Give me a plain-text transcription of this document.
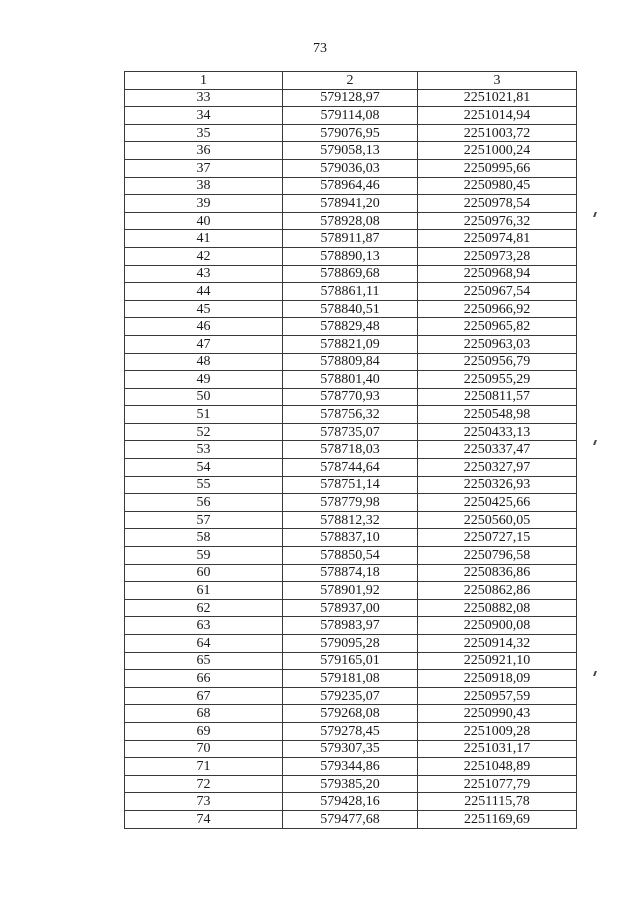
73
1	2	3
33	579128,97	2251021,81
34	579114,08	2251014,94
35	579076,95	2251003,72
36	579058,13	2251000,24
37	579036,03	2250995,66
38	578964,46	2250980,45
39	578941,20	2250978,54
40	578928,08	2250976,32
41	578911,87	2250974,81
42	578890,13	2250973,28
43	578869,68	2250968,94
44	578861,11	2250967,54
45	578840,51	2250966,92
46	578829,48	2250965,82
47	578821,09	2250963,03
48	578809,84	2250956,79
49	578801,40	2250955,29
50	578770,93	2250811,57
51	578756,32	2250548,98
52	578735,07	2250433,13
53	578718,03	2250337,47
54	578744,64	2250327,97
55	578751,14	2250326,93
56	578779,98	2250425,66
57	578812,32	2250560,05
58	578837,10	2250727,15
59	578850,54	2250796,58
60	578874,18	2250836,86
61	578901,92	2250862,86
62	578937,00	2250882,08
63	578983,97	2250900,08
64	579095,28	2250914,32
65	579165,01	2250921,10
66	579181,08	2250918,09
67	579235,07	2250957,59
68	579268,08	2250990,43
69	579278,45	2251009,28
70	579307,35	2251031,17
71	579344,86	2251048,89
72	579385,20	2251077,79
73	579428,16	2251115,78
74	579477,68	2251169,69
